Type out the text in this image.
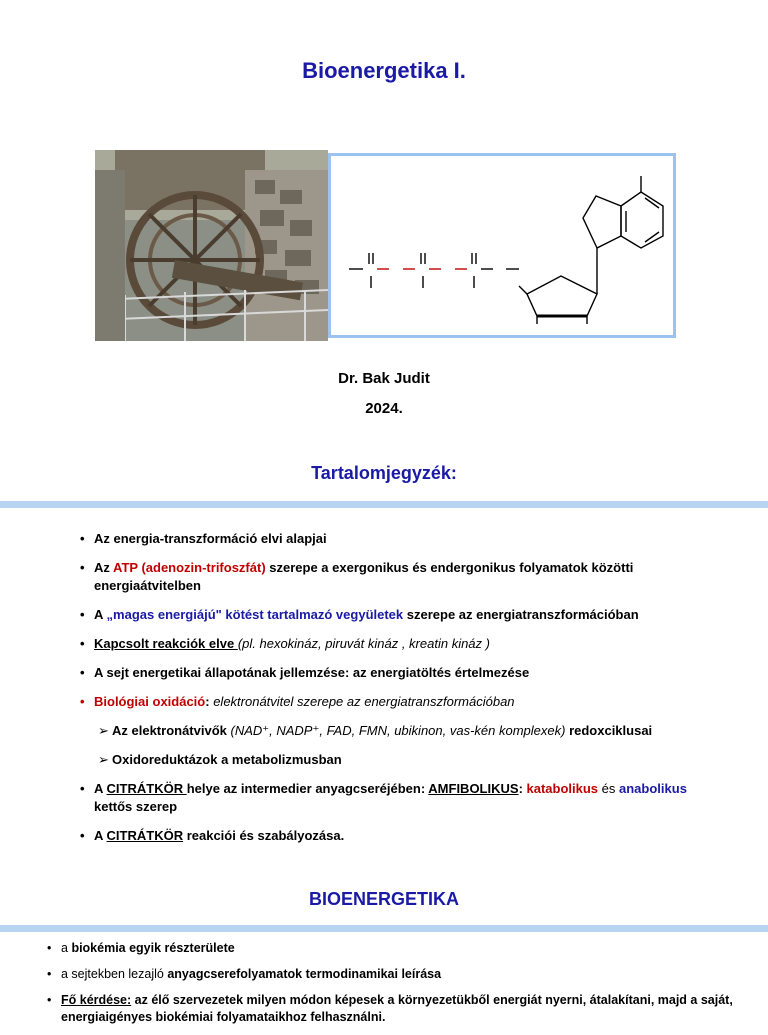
Bioenergetika I.
Dr. Bak Judit
2024.
Tartalomjegyzék:
• Az energia-transzformáció elvi alapjai
• Az ATP (adenozin-trifoszfát) szerepe a exergonikus és endergonikus folyamatok közötti energiaátvitelben
• A „magas energiájú" kötést tartalmazó vegyületek szerepe az energiatranszformációban
• Kapcsolt reakciók elve (pl. hexokináz, piruvát kináz , kreatin kináz )
• A sejt energetikai állapotának jellemzése: az energiatöltés értelmezése
• Biológiai oxidáció: elektronátvitel szerepe az energiatranszformációban
➢ Az elektronátvivők (NAD⁺, NADP⁺, FAD, FMN, ubikinon, vas-kén komplexek) redoxciklusai
➢ Oxidoreduktázok a metabolizmusban
• A CITRÁTKÖR helye az intermedier anyagcseréjében: AMFIBOLIKUS: katabolikus és anabolikus kettős szerep
• A CITRÁTKÖR reakciói és szabályozása.
BIOENERGETIKA
• a biokémia egyik részterülete
• a sejtekben lezajló anyagcserefolyamatok termodinamikai leírása
• Fő kérdése: az élő szervezetek milyen módon képesek a környezetükből energiát nyerni, átalakítani, majd a saját, energiaigényes biokémiai folyamataikhoz felhasználni.
